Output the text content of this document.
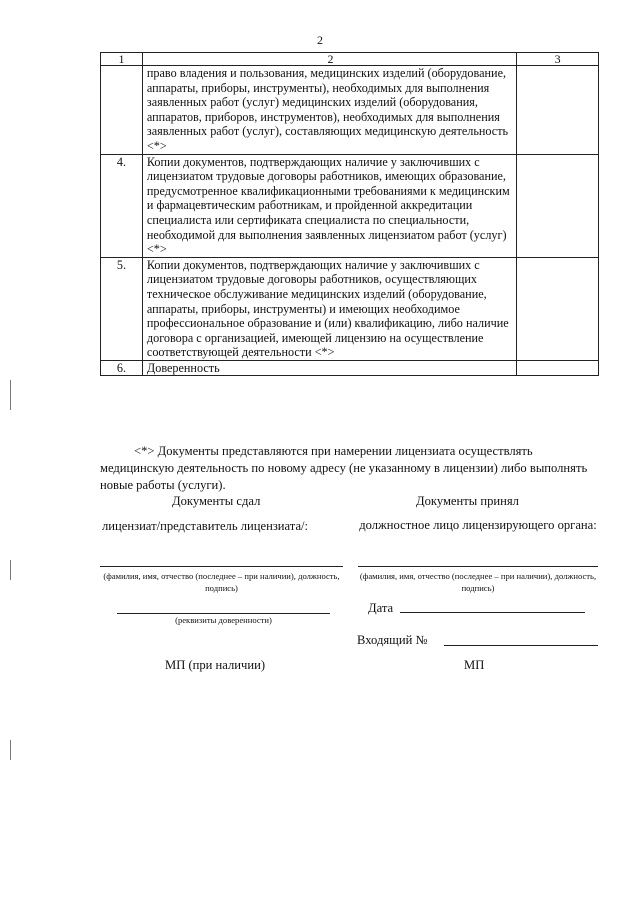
2
1	2	3

	право владения и пользования, медицинских изделий (оборудование, аппараты, приборы, инструменты), необходимых для выполнения заявленных работ (услуг) медицинских изделий (оборудования, аппаратов, приборов, инструментов), необходимых для выполнения заявленных работ (услуг), составляющих медицинскую деятельность <*>	

4.	Копии документов, подтверждающих наличие у заключивших с лицензиатом трудовые договоры работников, имеющих образование, предусмотренное квалификационными требованиями к медицинским и фармацевтическим работникам, и пройденной аккредитации специалиста или сертификата специалиста по специальности, необходимой для выполнения заявленных лицензиатом работ (услуг)<*>	

5.	Копии документов, подтверждающих наличие у заключивших с лицензиатом трудовые договоры работников, осуществляющих техническое обслуживание медицинских изделий (оборудование, аппараты, приборы, инструменты) и имеющих необходимое профессиональное образование и (или) квалификацию, либо наличие договора с организацией, имеющей лицензию на осуществление соответствующей деятельности <*>	

6.	Доверенность	

<*> Документы представляются при намерении лицензиата осуществлять медицинскую деятельность по новому адресу (не указанному в лицензии) либо выполнять новые работы (услуги).
Документы сдал
лицензиат/представитель лицензиата/:
(фамилия, имя, отчество (последнее – при наличии), должность, подпись)
(реквизиты доверенности)
МП (при наличии)
Документы принял
должностное лицо лицензирующего органа:
(фамилия, имя, отчество (последнее – при наличии), должность, подпись)
Дата
Входящий №
МП
